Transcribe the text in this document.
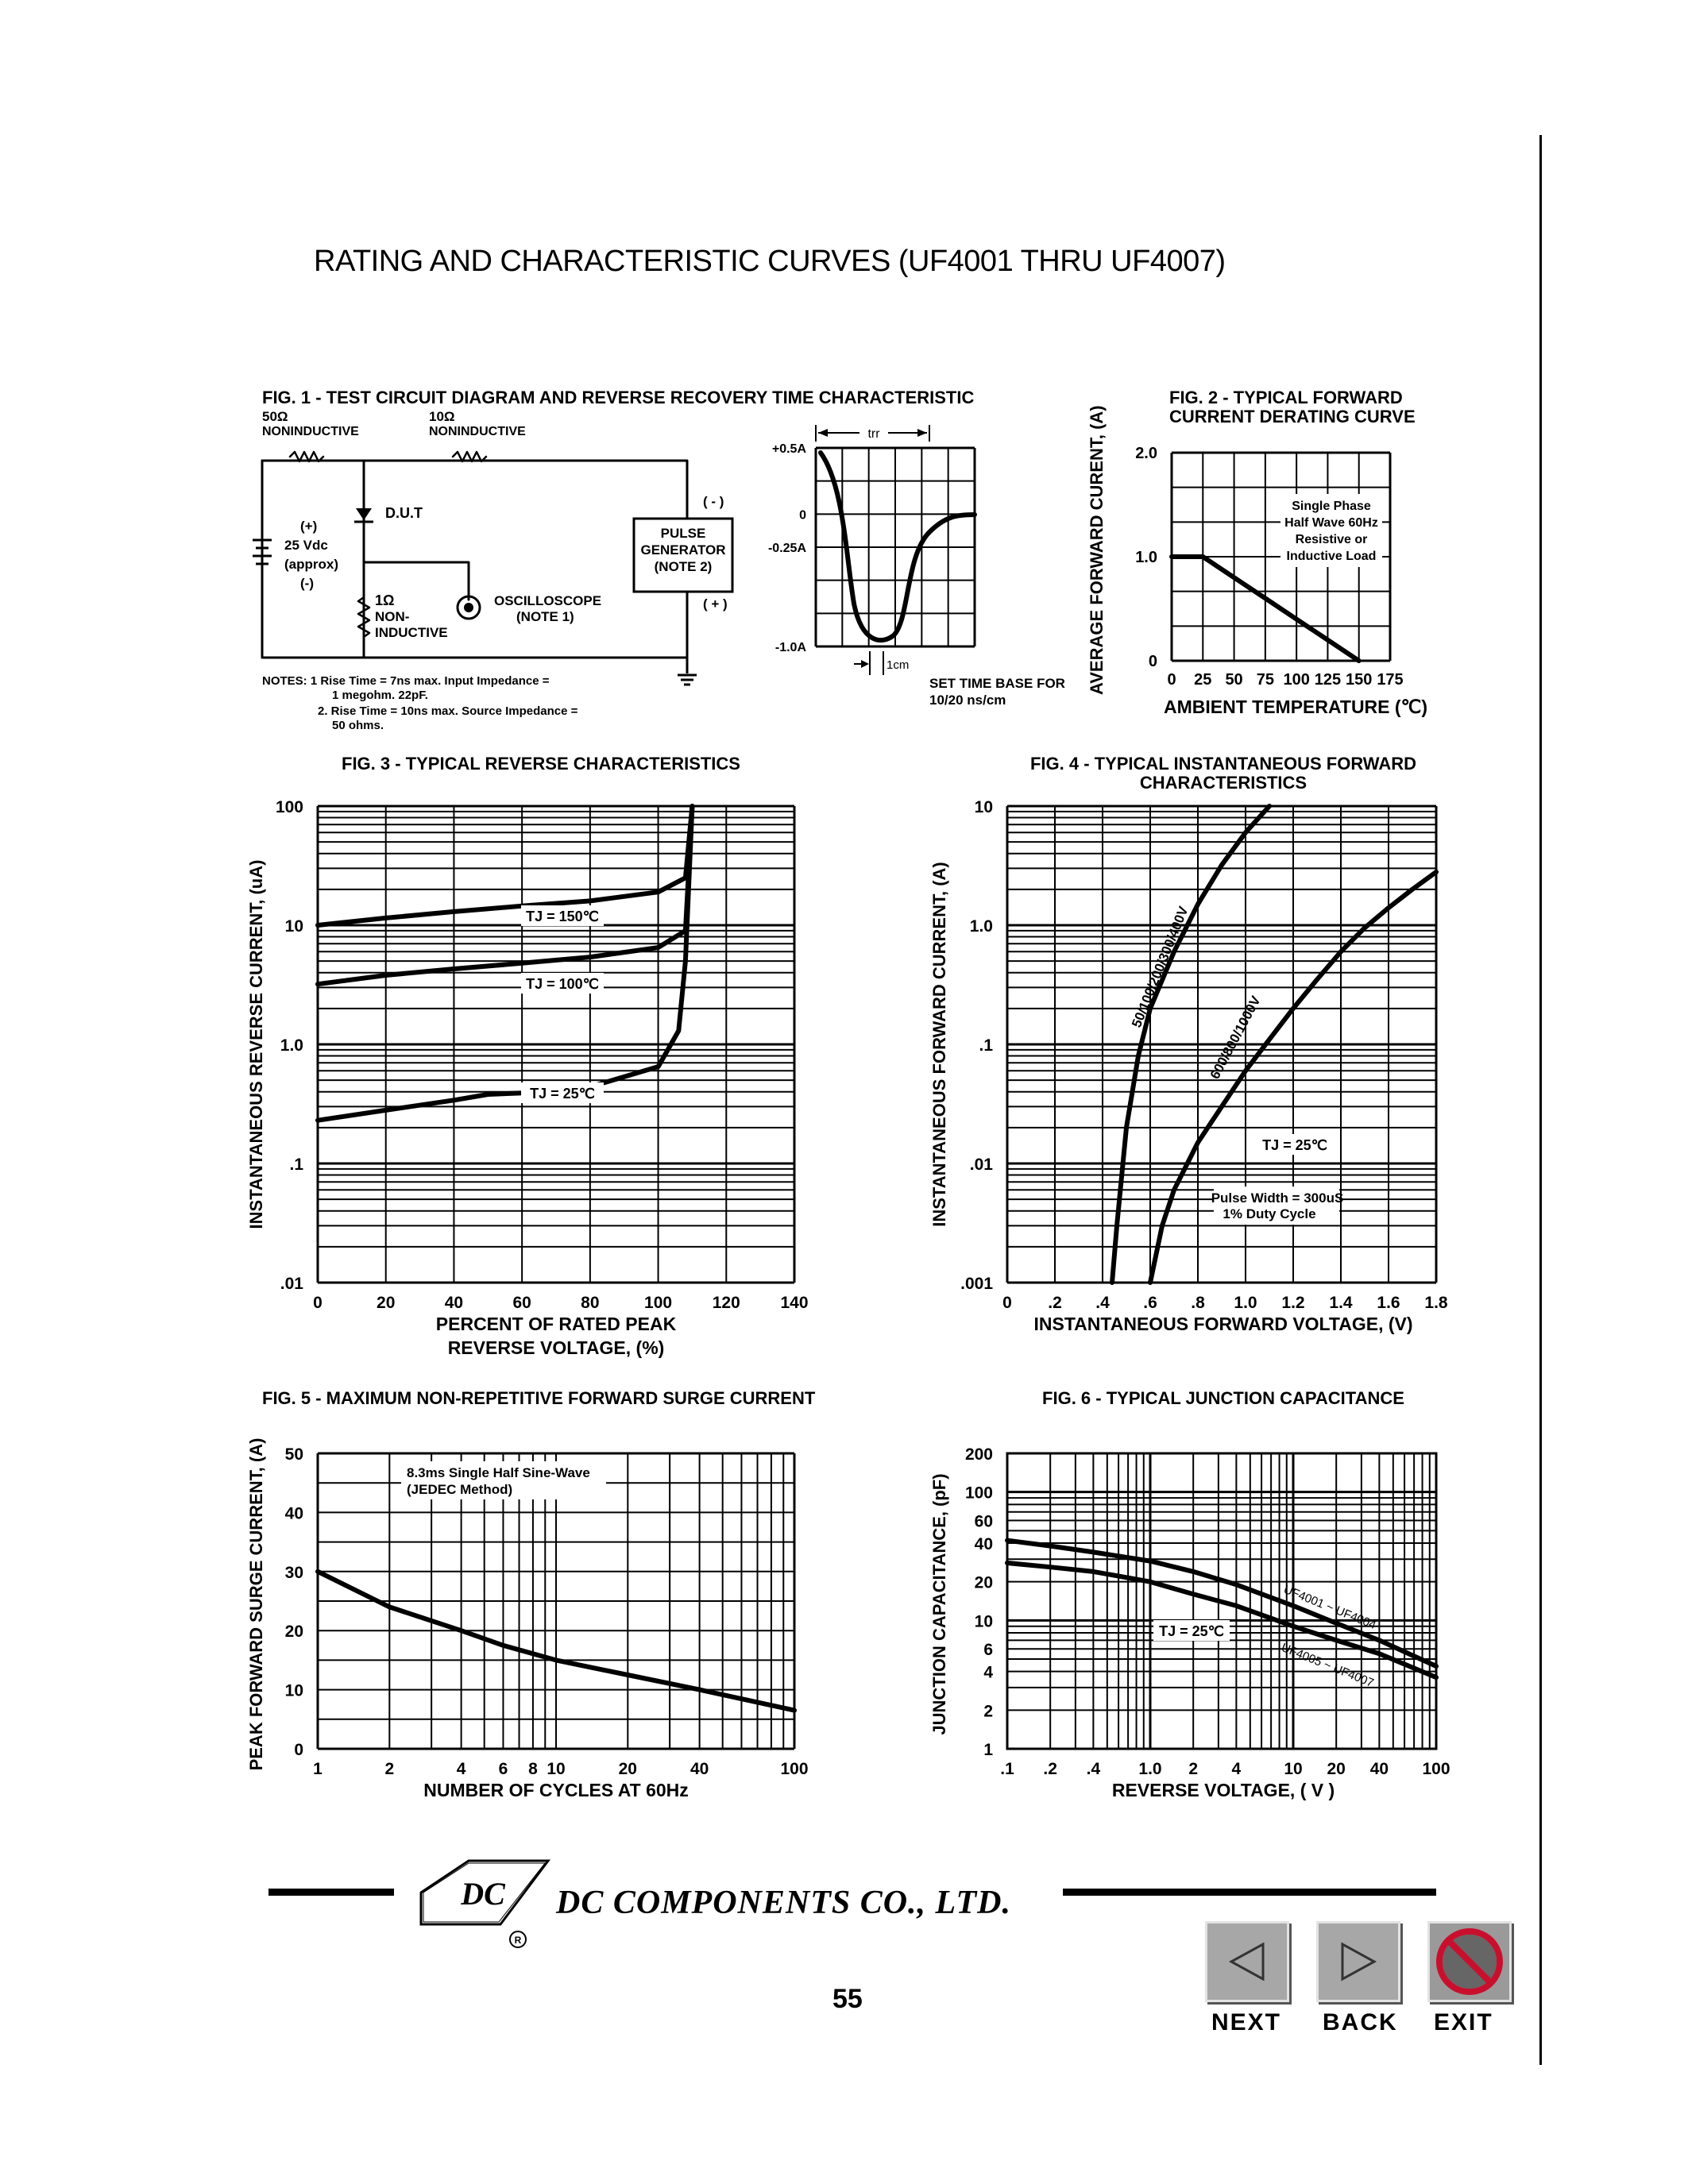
RATING AND CHARACTERISTIC CURVES (UF4001 THRU UF4007)
FIG. 1 - TEST CIRCUIT DIAGRAM AND REVERSE RECOVERY TIME CHARACTERISTIC
50Ω
NONINDUCTIVE
10Ω
NONINDUCTIVE
(+)
25 Vdc
(approx)
(-)
D.U.T
1Ω
NON-
INDUCTIVE
OSCILLOSCOPE
(NOTE 1)
PULSE
GENERATOR
(NOTE 2)
( - )
( + )
NOTES: 1 Rise Time = 7ns max. Input Impedance =
1 megohm. 22pF.
2. Rise Time = 10ns max. Source Impedance =
50 ohms.
+0.5A
0
-0.25A
-1.0A
trr
1cm
SET TIME BASE FOR
10/20 ns/cm
FIG. 2 - TYPICAL FORWARD
CURRENT DERATING CURVE
0 25 50 75 100 125 150 175
0
1.0
2.0
Single Phase
Half Wave 60Hz
Resistive or
Inductive Load
AMBIENT TEMPERATURE (℃)
AVERAGE FORWARD CURENT, (A)
FIG. 3 - TYPICAL REVERSE CHARACTERISTICS
0	20	40	60	80	100 120 140
.01
.1
1.0
10
100
TJ = 150℃
TJ = 100℃
TJ = 25℃
PERCENT OF RATED PEAK
REVERSE VOLTAGE, (%)
INSTANTANEOUS REVERSE CURRENT, (uA)
FIG. 4 - TYPICAL INSTANTANEOUS FORWARD
CHARACTERISTICS
0 .2 .4 .6 .8 1.0 1.2 1.4 1.6 1.8
.001
.01
.1
1.0
10
TJ = 25℃
Pulse Width = 300uS
1% Duty Cycle
50/100/200/300/400V
600/800/1000V
INSTANTANEOUS FORWARD VOLTAGE, (V)
INSTANTANEOUS FORWARD CURRENT, (A)
FIG. 5 - MAXIMUM NON-REPETITIVE FORWARD SURGE CURRENT
1	2	4 6 8 10	20	40	100
0
10
20
30
40
50
8.3ms Single Half Sine-Wave
(JEDEC Method)
NUMBER OF CYCLES AT 60Hz
PEAK FORWARD SURGE CURRENT, (A)
FIG. 6 - TYPICAL JUNCTION CAPACITANCE
.1 .2 .4 1.0 2 4	10 20 40 100
1
2
4
6
10
20
40
60
100
200
TJ = 25℃	UF4001 ~ UF4004
UF4005 ~ UF4007
REVERSE VOLTAGE, ( V )
JUNCTION CAPACITANCE, (pF)
DC
R
DC COMPONENTS CO., LTD.
55
NEXT BACK EXIT
